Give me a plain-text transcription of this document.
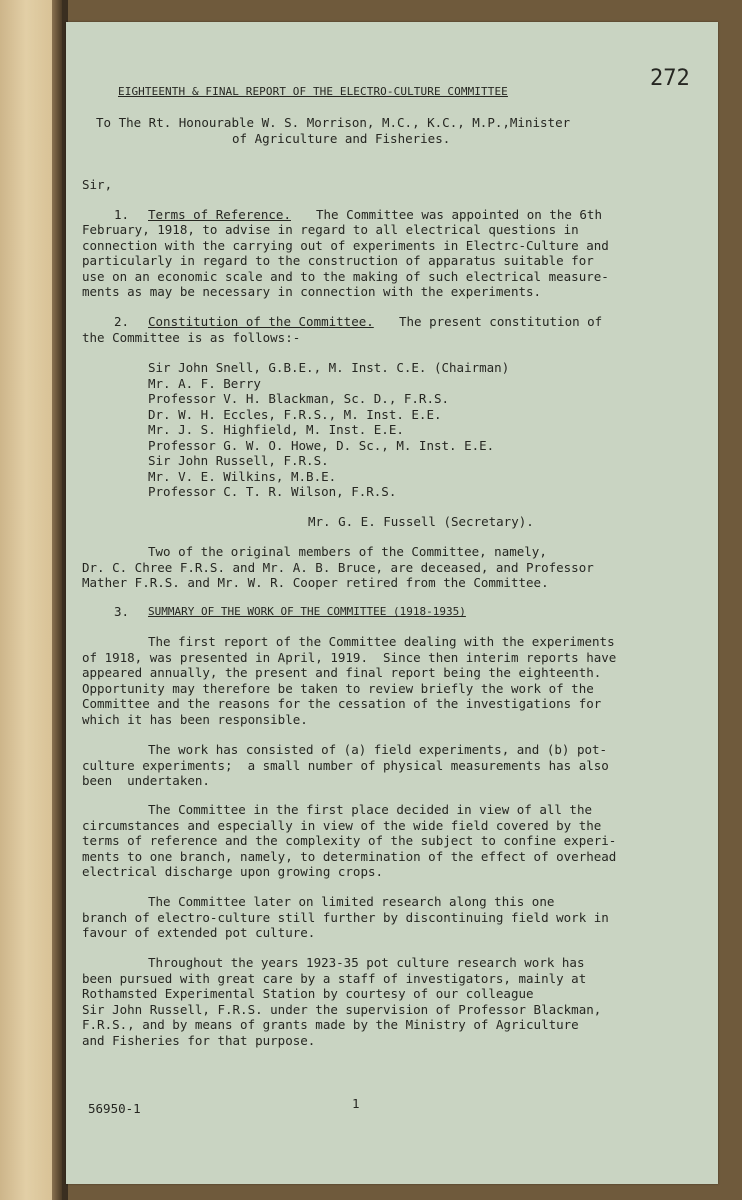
272

EIGHTEENTH & FINAL REPORT OF THE ELECTRO-CULTURE COMMITTEE

To The Rt. Honourable W. S. Morrison, M.C., K.C., M.P.,Minister

of Agriculture and Fisheries.

Sir,

1. Terms of Reference. The Committee was appointed on the 6th

February, 1918, to advise in regard to all electrical questions in

connection with the carrying out of experiments in Electrc-Culture and

particularly in regard to the construction of apparatus suitable for

use on an economic scale and to the making of such electrical measure-

ments as may be necessary in connection with the experiments.

2. Constitution of the Committee. The present constitution of

the Committee is as follows:-

Sir John Snell, G.B.E., M. Inst. C.E. (Chairman)

Mr. A. F. Berry

Professor V. H. Blackman, Sc. D., F.R.S.

Dr. W. H. Eccles, F.R.S., M. Inst. E.E.

Mr. J. S. Highfield, M. Inst. E.E.

Professor G. W. O. Howe, D. Sc., M. Inst. E.E.

Sir John Russell, F.R.S.

Mr. V. E. Wilkins, M.B.E.

Professor C. T. R. Wilson, F.R.S.

Mr. G. E. Fussell (Secretary).

Two of the original members of the Committee, namely,

Dr. C. Chree F.R.S. and Mr. A. B. Bruce, are deceased, and Professor

Mather F.R.S. and Mr. W. R. Cooper retired from the Committee.

3. SUMMARY OF THE WORK OF THE COMMITTEE (1918-1935)

The first report of the Committee dealing with the experiments

of 1918, was presented in April, 1919.  Since then interim reports have

appeared annually, the present and final report being the eighteenth.

Opportunity may therefore be taken to review briefly the work of the

Committee and the reasons for the cessation of the investigations for

which it has been responsible.

The work has consisted of (a) field experiments, and (b) pot-

culture experiments;  a small number of physical measurements has also

been  undertaken.

The Committee in the first place decided in view of all the

circumstances and especially in view of the wide field covered by the

terms of reference and the complexity of the subject to confine experi-

ments to one branch, namely, to determination of the effect of overhead

electrical discharge upon growing crops.

The Committee later on limited research along this one

branch of electro-culture still further by discontinuing field work in

favour of extended pot culture.

Throughout the years 1923-35 pot culture research work has

been pursued with great care by a staff of investigators, mainly at

Rothamsted Experimental Station by courtesy of our colleague

Sir John Russell, F.R.S. under the supervision of Professor Blackman,

F.R.S., and by means of grants made by the Ministry of Agriculture

and Fisheries for that purpose.

56950-1	1
